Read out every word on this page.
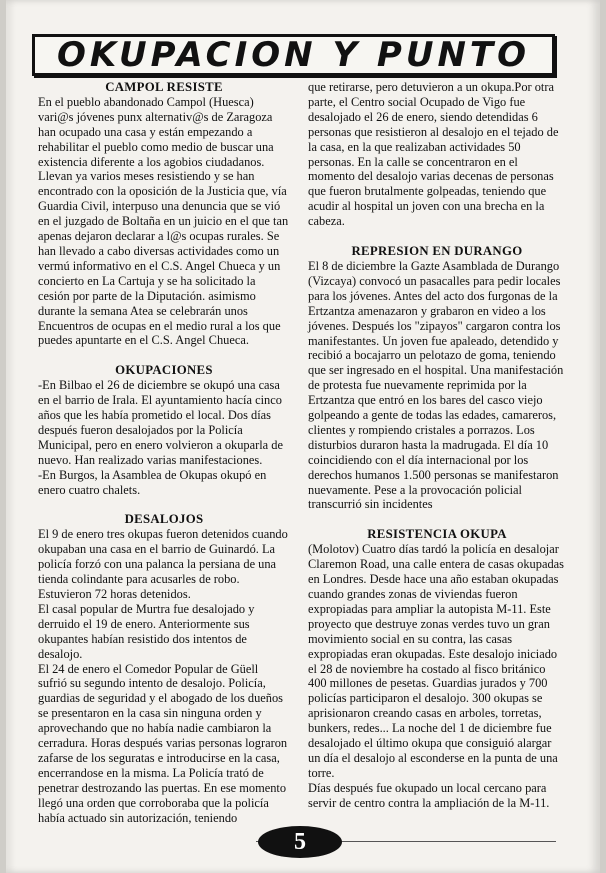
OKUPACION Y PUNTO
CAMPOL RESISTE

En el pueblo abandonado Campol (Huesca) vari@s jóvenes punx alternativ@s de Zaragoza han ocupado una casa y están empezando a rehabilitar el pueblo como medio de buscar una existencia diferente a los agobios ciudadanos. Llevan ya varios meses resistiendo y se han encontrado con la oposición de la Justicia que, vía Guardia Civil, interpuso una denuncia que se vió en el juzgado de Boltaña en un juicio en el que tan apenas dejaron declarar a l@s ocupas rurales. Se han llevado a cabo diversas actividades como un vermú informativo en el C.S. Angel Chueca y un concierto en La Cartuja y se ha solicitado la cesión por parte de la Diputación. asimismo durante la semana Atea se celebrarán unos Encuentros de ocupas en el medio rural a los que puedes apuntarte en el C.S. Angel Chueca.

OKUPACIONES

-En Bilbao el 26 de diciembre se okupó una casa en el barrio de Irala. El ayuntamiento hacía cinco años que les había prometido el local. Dos días después fueron desalojados por la Policía Municipal, pero en enero volvieron a okuparla de nuevo. Han realizado varias manifestaciones.

-En Burgos, la Asamblea de Okupas okupó en enero cuatro chalets.

DESALOJOS

El 9 de enero tres okupas fueron detenidos cuando okupaban una casa en el barrio de Guinardó. La policía forzó con una palanca la persiana de una tienda colindante para acusarles de robo. Estuvieron 72 horas detenidos.

El casal popular de Murtra fue desalojado y derruido el 19 de enero. Anteriormente sus okupantes habían resistido dos intentos de desalojo.

El 24 de enero el Comedor Popular de Güell sufrió su segundo intento de desalojo. Policía, guardias de seguridad y el abogado de los dueños se presentaron en la casa sin ninguna orden y aprovechando que no había nadie cambiaron la cerradura. Horas después varias personas lograron zafarse de los seguratas e introducirse en la casa, encerrandose en la misma. La Policía trató de penetrar destrozando las puertas. En ese momento llegó una orden que corroboraba que la policía había actuado sin autorización, teniendo

que retirarse, pero detuvieron a un okupa.Por otra parte, el Centro social Ocupado de Vigo fue desalojado el 26 de enero, siendo detendidas 6 personas que resistieron al desalojo en el tejado de la casa, en la que realizaban actividades 50 personas. En la calle se concentraron en el momento del desalojo varias decenas de personas que fueron brutalmente golpeadas, teniendo que acudir al hospital un joven con una brecha en la cabeza.

REPRESION EN DURANGO

El 8 de diciembre la Gazte Asamblada de Durango (Vizcaya) convocó un pasacalles para pedir locales para los jóvenes. Antes del acto dos furgonas de la Ertzantza amenazaron y grabaron en video a los jóvenes. Después los "zipayos" cargaron contra los manifestantes. Un joven fue apaleado, detendido y recibió a bocajarro un pelotazo de goma, teniendo que ser ingresado en el hospital. Una manifestación de protesta fue nuevamente reprimida por la Ertzantza que entró en los bares del casco viejo golpeando a gente de todas las edades, camareros, clientes y rompiendo cristales a porrazos. Los disturbios duraron hasta la madrugada. El día 10 coincidiendo con el día internacional por los derechos humanos 1.500 personas se manifestaron nuevamente. Pese a la provocación policial transcurrió sin incidentes

RESISTENCIA OKUPA

(Molotov) Cuatro días tardó la policía en desalojar Claremon Road, una calle entera de casas okupadas en Londres. Desde hace una año estaban okupadas cuando grandes zonas de viviendas fueron expropiadas para ampliar la autopista M-11. Este proyecto que destruye zonas verdes tuvo un gran movimiento social en su contra, las casas expropiadas eran okupadas. Este desalojo iniciado el 28 de noviembre ha costado al fisco británico 400 millones de pesetas. Guardias jurados y 700 policías participaron el desalojo. 300 okupas se aprisionaron creando casas en arboles, torretas, bunkers, redes... La noche del 1 de diciembre fue desalojado el último okupa que consiguió alargar un día el desalojo al esconderse en la punta de una torre.

Días después fue okupado un local cercano para servir de centro contra la ampliación de la M-11.

5
